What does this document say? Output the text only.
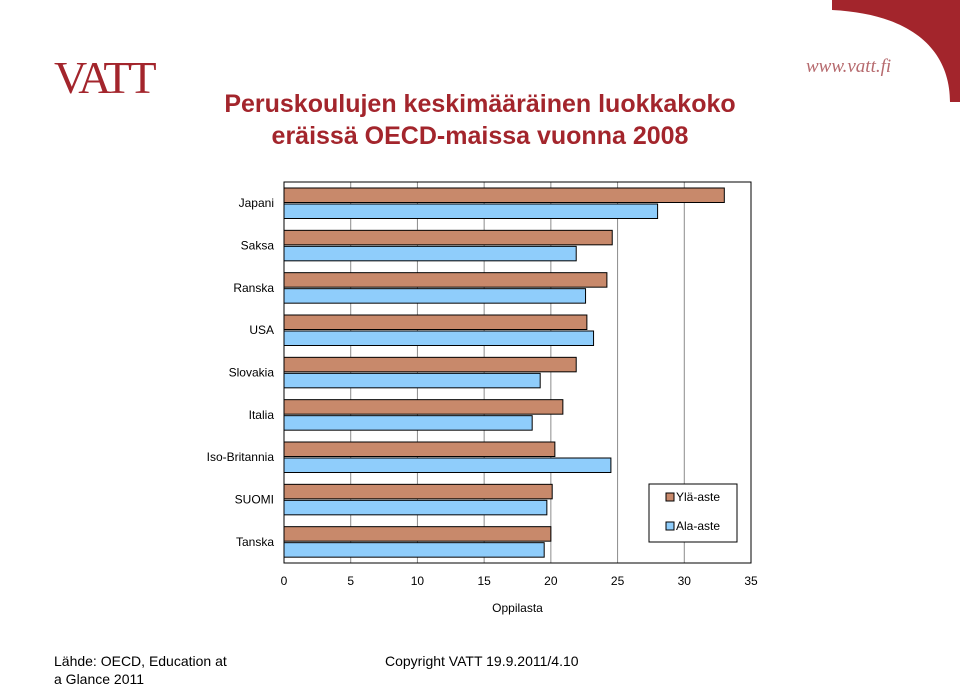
VATT	www.vatt.fi
Peruskoulujen keskimääräinen luokkakoko
eräissä OECD-maissa vuonna 2008
Japani
Saksa
Ranska
USA
Slovakia
Italia
Iso-Britannia
SUOMI
Tanska
0	5	10	15	20	25	30	35
Oppilasta
Ylä-aste
Ala-aste
Lähde: OECD, Education at a Glance 2011
Copyright VATT 19.9.2011/4.10
